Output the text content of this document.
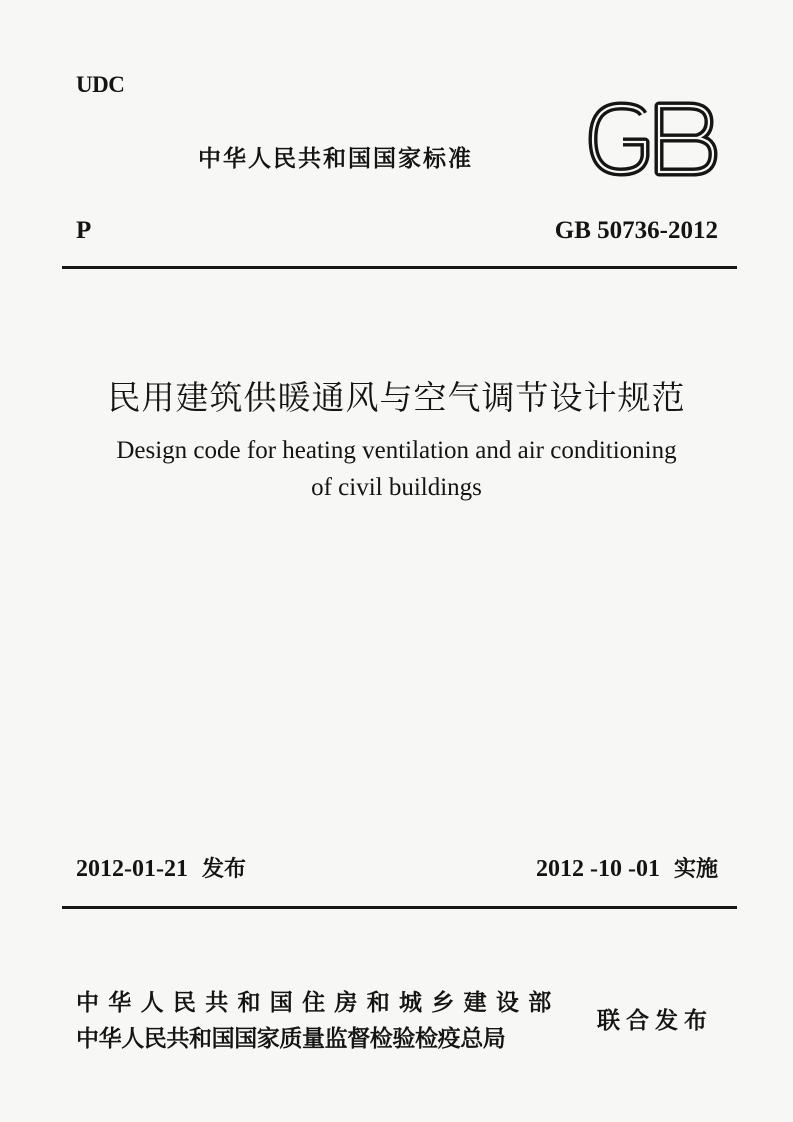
UDC
中华人民共和国国家标准
P	GB 50736-2012
民用建筑供暖通风与空气调节设计规范
Design code for heating ventilation and air conditioning
of civil buildings
2012-01-21 发布	2012 -10 -01 实施
中华人民共和国住房和城乡建设部
中华人民共和国国家质量监督检验检疫总局
联合发布
